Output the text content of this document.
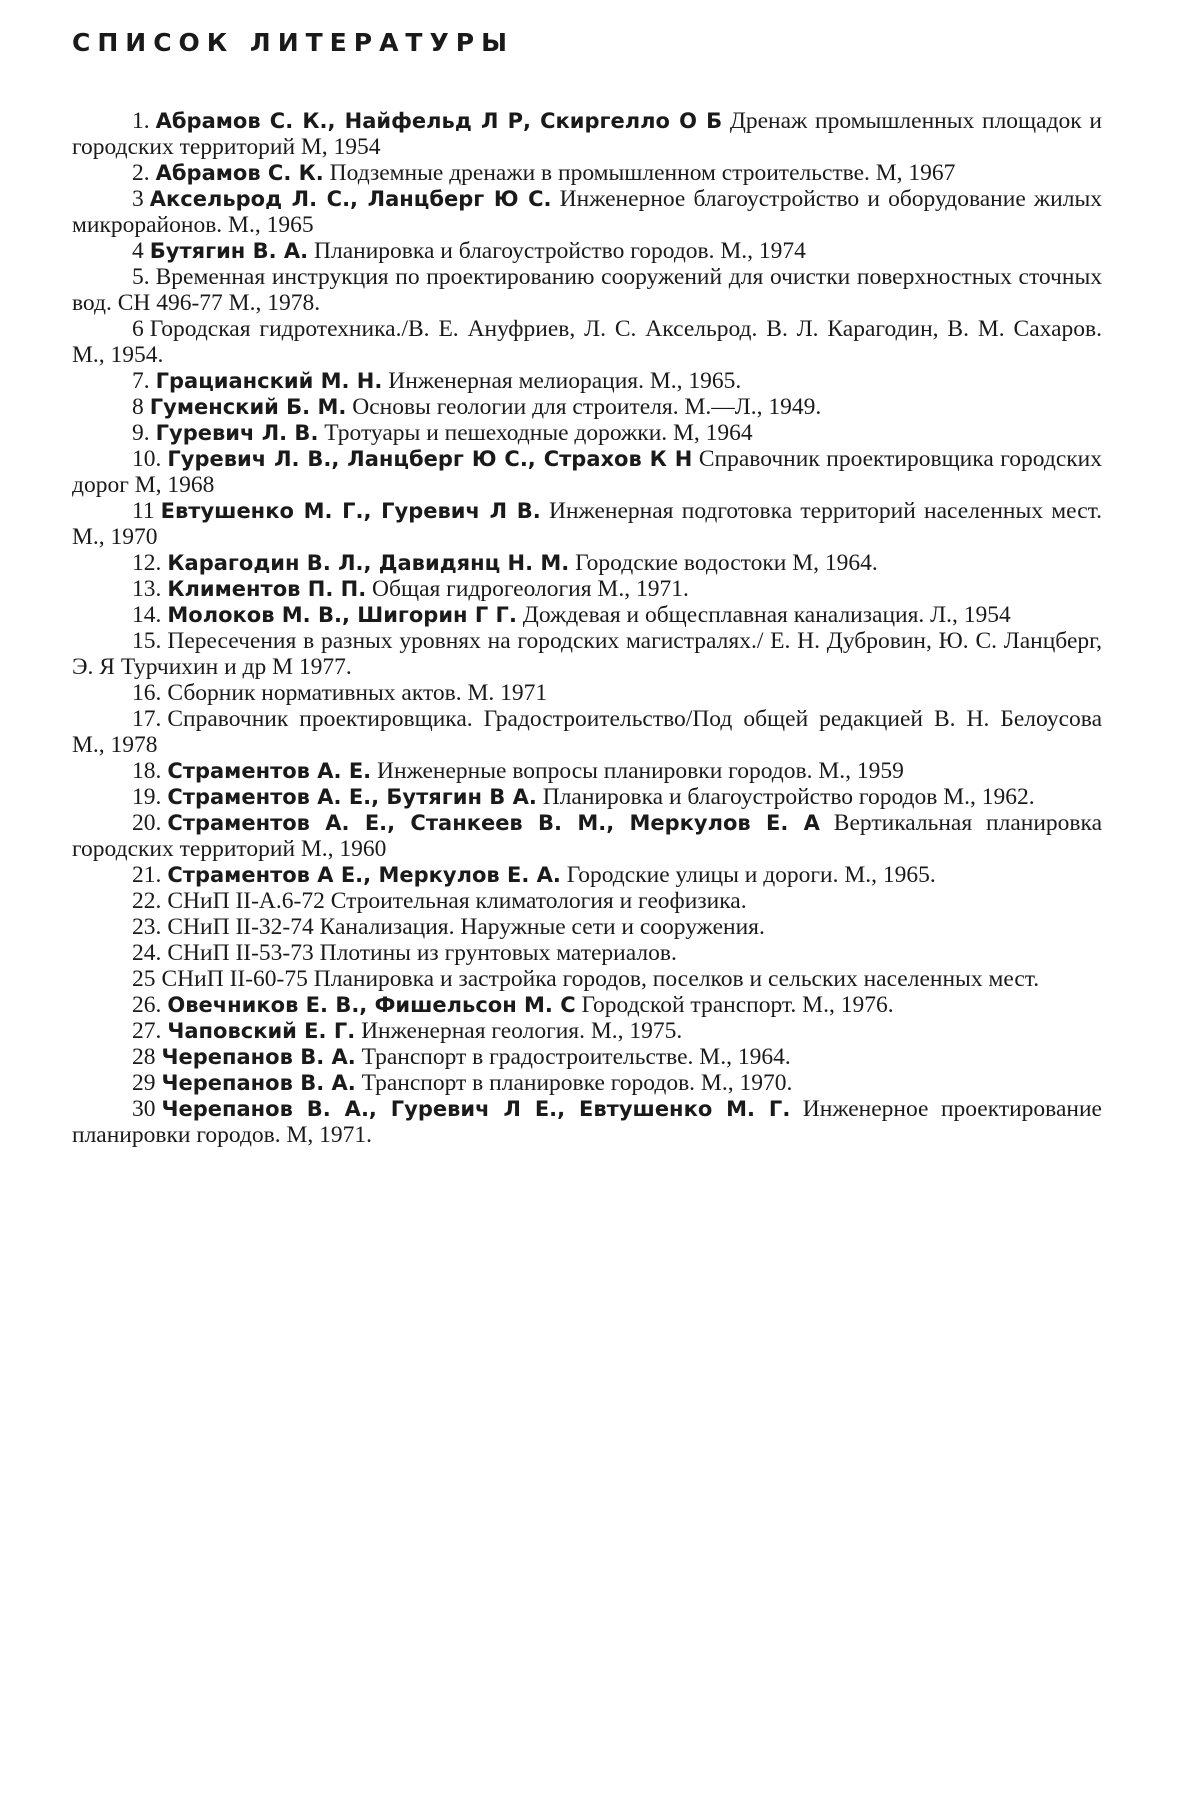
СПИСОК ЛИТЕРАТУРЫ
1. Абрамов С. К., Найфельд Л Р, Скиргелло О Б Дренаж промышленных площадок и городских территорий М, 1954
2. Абрамов С. К. Подземные дренажи в промышленном строительстве. М, 1967
3 Аксельрод Л. С., Ланцберг Ю С. Инженерное благоустройство и оборудование жилых микрорайонов. М., 1965
4 Бутягин В. А. Планировка и благоустройство городов. М., 1974
5. Временная инструкция по проектированию сооружений для очистки поверхностных сточных вод. СН 496-77 М., 1978.
6 Городская гидротехника./В. Е. Ануфриев, Л. С. Аксельрод. В. Л. Карагодин, В. М. Сахаров. М., 1954.
7. Грацианский М. Н. Инженерная мелиорация. М., 1965.
8 Гуменский Б. М. Основы геологии для строителя. М.—Л., 1949.
9. Гуревич Л. В. Тротуары и пешеходные дорожки. М, 1964
10. Гуревич Л. В., Ланцберг Ю С., Страхов К Н Справочник проектировщика городских дорог М, 1968
11 Евтушенко М. Г., Гуревич Л В. Инженерная подготовка территорий населенных мест. М., 1970
12. Карагодин В. Л., Давидянц Н. М. Городские водостоки М, 1964.
13. Климентов П. П. Общая гидрогеология М., 1971.
14. Молоков М. В., Шигорин Г Г. Дождевая и общесплавная канализация. Л., 1954
15. Пересечения в разных уровнях на городских магистралях./ Е. Н. Дубровин, Ю. С. Ланцберг, Э. Я Турчихин и др М 1977.
16. Сборник нормативных актов. М. 1971
17. Справочник проектировщика. Градостроительство/Под общей редакцией В. Н. Белоусова М., 1978
18. Страментов А. Е. Инженерные вопросы планировки городов. М., 1959
19. Страментов А. Е., Бутягин В А. Планировка и благоустройство городов М., 1962.
20. Страментов А. Е., Станкеев В. М., Меркулов Е. А Вертикальная планировка городских территорий М., 1960
21. Страментов А Е., Меркулов Е. А. Городские улицы и дороги. М., 1965.
22. СНиП II-А.6-72 Строительная климатология и геофизика.
23. СНиП II-32-74 Канализация. Наружные сети и сооружения.
24. СНиП II-53-73 Плотины из грунтовых материалов.
25 СНиП II-60-75 Планировка и застройка городов, поселков и сельских населенных мест.
26. Овечников Е. В., Фишельсон М. С Городской транспорт. М., 1976.
27. Чаповский Е. Г. Инженерная геология. М., 1975.
28 Черепанов В. А. Транспорт в градостроительстве. М., 1964.
29 Черепанов В. А. Транспорт в планировке городов. М., 1970.
30 Черепанов В. А., Гуревич Л Е., Евтушенко М. Г. Инженерное проектирование планировки городов. М, 1971.
